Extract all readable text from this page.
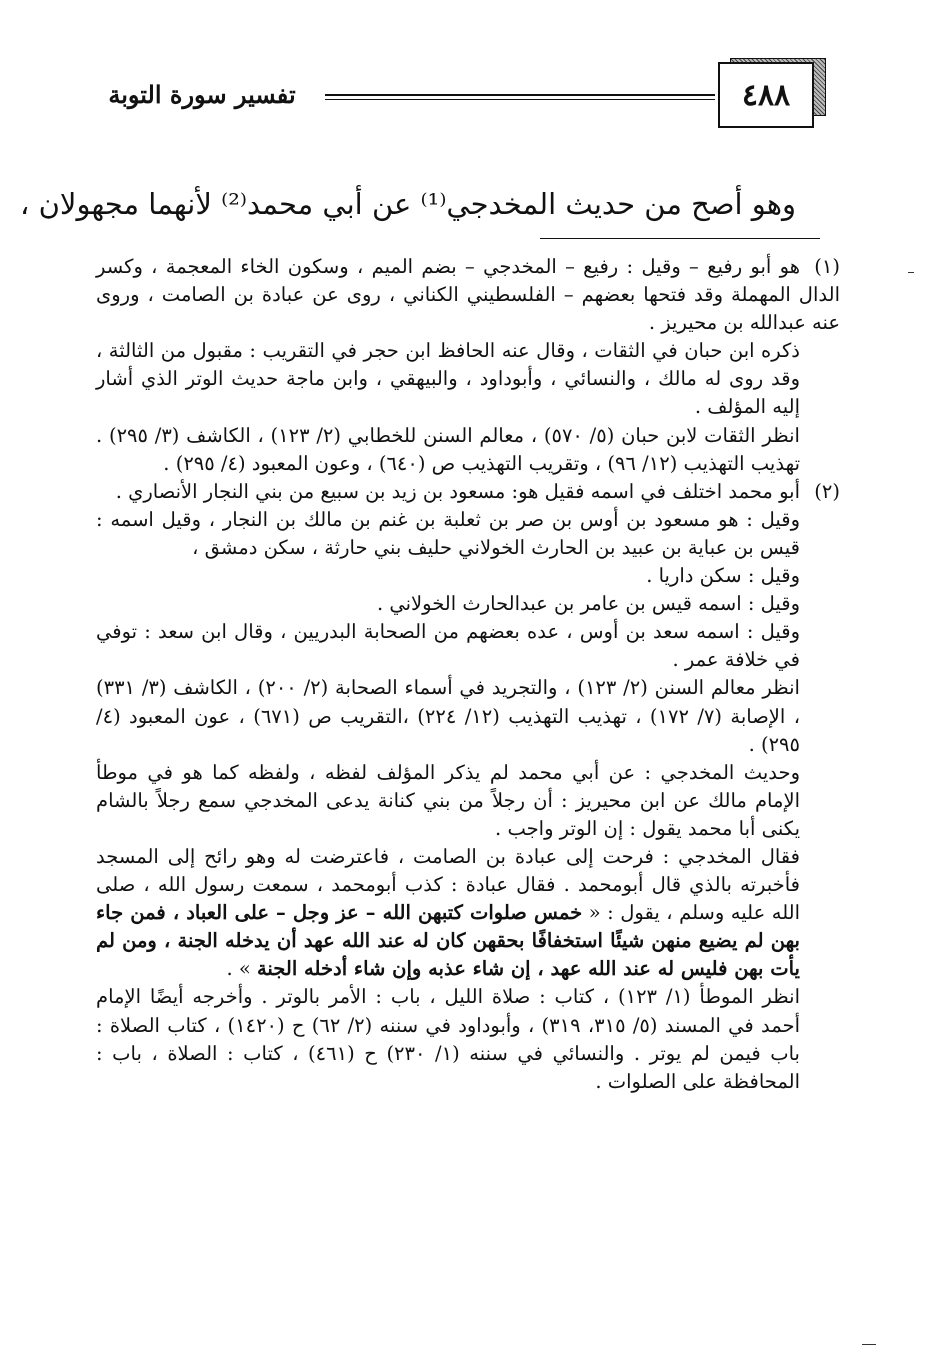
٤٨٨
تفسير سورة التوبة
وهو أصح من حديث المخدجي⁽¹⁾ عن أبي محمد⁽²⁾ لأنهما مجهولان ،

(١)
هو أبو رفيع – وقيل : رفيع – المخدجي – بضم الميم ، وسكون الخاء المعجمة ، وكسر الدال المهملة وقد فتحها بعضهم – الفلسطيني الكناني ، روى عن عبادة بن الصامت ، وروى عنه عبدالله بن محيريز .

ذكره ابن حبان في الثقات ، وقال عنه الحافظ ابن حجر في التقريب : مقبول من الثالثة ، وقد روى له مالك ، والنسائي ، وأبوداود ، والبيهقي ، وابن ماجة حديث الوتر الذي أشار إليه المؤلف .

انظر الثقات لابن حبان (٥/ ٥٧٠) ، معالم السنن للخطابي (٢/ ١٢٣) ، الكاشف (٣/ ٢٩٥) . تهذيب التهذيب (١٢/ ٩٦) ، وتقريب التهذيب ص (٦٤٠) ، وعون المعبود (٤/ ٢٩٥) .

(٢)
أبو محمد اختلف في اسمه فقيل هو: مسعود بن زيد بن سبيع من بني النجار الأنصاري .

وقيل : هو مسعود بن أوس بن صر بن ثعلبة بن غنم بن مالك بن النجار ، وقيل اسمه : قيس بن عباية بن عبيد بن الحارث الخولاني حليف بني حارثة ، سكن دمشق ،

وقيل : سكن داريا .

وقيل : اسمه قيس بن عامر بن عبدالحارث الخولاني .

وقيل : اسمه سعد بن أوس ، عده بعضهم من الصحابة البدريين ، وقال ابن سعد : توفي في خلافة عمر .

انظر معالم السنن (٢/ ١٢٣) ، والتجريد في أسماء الصحابة (٢/ ٢٠٠) ، الكاشف (٣/ ٣٣١) ، الإصابة (٧/ ١٧٢) ، تهذيب التهذيب (١٢/ ٢٢٤) ،التقريب ص (٦٧١) ، عون المعبود (٤/ ٢٩٥) .

وحديث المخدجي : عن أبي محمد لم يذكر المؤلف لفظه ، ولفظه كما هو في موطأ الإمام مالك عن ابن محيريز : أن رجلاً من بني كنانة يدعى المخدجي سمع رجلاً بالشام يكنى أبا محمد يقول : إن الوتر واجب .

فقال المخدجي : فرحت إلى عبادة بن الصامت ، فاعترضت له وهو رائح إلى المسجد فأخبرته بالذي قال أبومحمد . فقال عبادة : كذب أبومحمد ، سمعت رسول الله ، صلى الله عليه وسلم ، يقول : « خمس صلوات كتبهن الله – عز وجل – على العباد ، فمن جاء بهن لم يضيع منهن شيئًا استخفافًا بحقهن كان له عند الله عهد أن يدخله الجنة ، ومن لم يأت بهن فليس له عند الله عهد ، إن شاء عذبه وإن شاء أدخله الجنة » .

انظر الموطأ (١/ ١٢٣) ، كتاب : صلاة الليل ، باب : الأمر بالوتر . وأخرجه أيضًا الإمام أحمد في المسند (٥/ ٣١٥، ٣١٩) ، وأبوداود في سننه (٢/ ٦٢) ح (١٤٢٠) ، كتاب الصلاة : باب فيمن لم يوتر . والنسائي في سننه (١/ ٢٣٠) ح (٤٦١) ، كتاب : الصلاة ، باب : المحافظة على الصلوات .
